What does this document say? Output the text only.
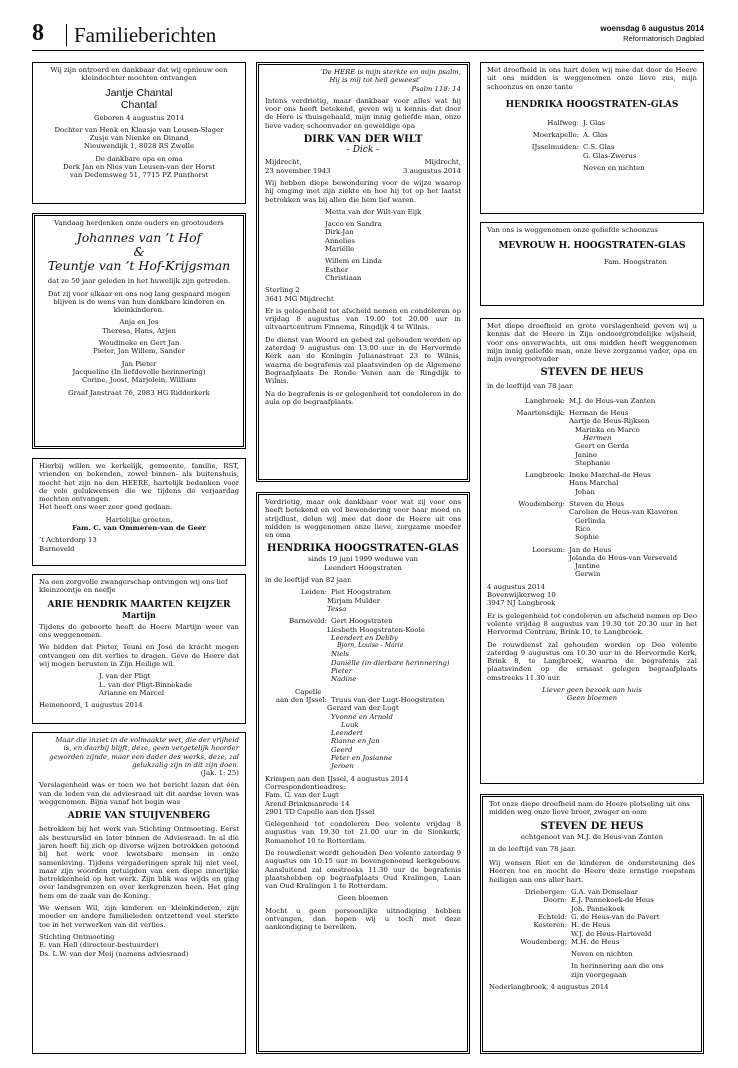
8	Familieberichten	woensdag 6 augustus 2014
Reformatorisch Dagblad

Wij zijn ontroerd en dankbaar dat wij opnieuw een kleindochter mochten ontvangen

Jantje Chantal
Chantal

Geboren 4 augustus 2014

Dochter van Henk en Klaasje van Leusen-Slager
Zusje van Nienke en Dinand

Nieuwendijk 1, 8028 RS Zwolle

De dankbare opa en oma
Derk Jan en Nies van Leusen-van der Horst
van Dedemsweg 51, 7715 PZ Punthorst

Vandaag herdenken onze ouders en grootouders

Johannes van ’t Hof
&
Teuntje van ’t Hof-Krijgsman

dat ze 50 jaar geleden in het huwelijk zijn getreden.

Dat zij voor elkaar en ons nog lang gespaard mogen blijven is de wens van hun dankbare kinderen en kleinkinderen.

Anja en Jos

Theresa, Hans, Arjen

Woudineke en Gert Jan

Pieter, Jan Willem, Sander

Jan Pieter
Jacqueline (In liefdevolle herinnering)

Corine, Joost, Marjolein, William

Graaf Janstraat 76, 2983 HG Ridderkerk
Hierbij willen we kerkelijk, gemeente, familie, RST, vrienden en bekenden, zowel binnen- als buitenshuis, mocht het zijn na den HEERE, hartelijk bedanken voor de vele gelukwensen die we tijdens de verjaardag mochten ontvangen.

Het heeft ons weer zeer goed gedaan.

Hartelijke groeten,

Fam. C. van Ommeren-van de Geer

’t Achterdorp 13
Barneveld
Na een zorgvolle zwangerschap ontvingen wij ons lief kleinzoontje en neefje
ARIE HENDRIK MAARTEN KEIJZER
Martijn

Tijdens de geboorte heeft de Heere Martijn weer van ons weggenomen.

We bidden dat Pieter, Teuni en José de kracht mogen ontvangen om dit verlies te dragen. Geve de Heere dat wij mogen berusten in Zijn Heilige wil.

J. van der Pligt
L. van der Pligt-Binnekade

Arianne en Marcel

Heinenoord, 1 augustus 2014
Maar die inziet in de volmaakte wet, die der vrijheid is, en daarbij blijft, deze, geen vergetelijk hoorder geworden zijnde, maar een dader des werks, deze, zal gelukzalig zijn in dit zijn doen.

(Jak. 1: 25)

Verslagenheid was er toen we het bericht lazen dat één van de leden van de adviesraad uit dit aardse leven was weggenomen. Bijna vanaf het begin was
ADRIE VAN STUIJVENBERG

betrokken bij het werk van Stichting Ontmoeting. Eerst als bestuurslid en later binnen de Adviesraad. In al die jaren heeft hij zich op diverse wijzen betrokken getoond bij het werk voor kwetsbare mensen in onze samenleving. Tijdens vergaderingen sprak hij niet veel, maar zijn woorden getuigden van een diepe innerlijke betrokkenheid op het werk. Zijn blik was wijds en ging over landsgrenzen en over kerkgrenzen heen. Het ging hem om de zaak van de Koning.

We wensen Wil, zijn kinderen en kleinkinderen, zijn moeder en andere familieleden ontzettend veel sterkte toe in het verwerken van dit verlies.

Stichting Ontmoeting
E. van Hell (directeur-bestuurder)
Ds. L.W. van der Meij (namens adviesraad)
‘De HERE is mijn sterkte en mijn psalm,
Hij is mij tot heil geweest’

Psalm 118: 14

Intens verdrietig, maar dankbaar voor alles wat hij voor ons heeft betekend, geven wij u kennis dat door de Here is thuisgehaald, mijn innig geliefde man, onze lieve vader, schoonvader en geweldige opa
DIRK VAN DER WILT
- Dick -
Mijdrecht,	Mijdrecht,
23 november 1943	3 augustus 2014

Wij hebben diepe bewondering voor de wijze waarop hij omging met zijn ziekte en hoe hij tot op het laatst betrokken was bij allen die hem lief waren.

Metta van der Wilt-van Eijk

Jacco en Sandra
Dirk-Jan
Annelies

Mariëlle

Willem en Linda
Esther

Christiaan

Sterling 2

3641 MG Mijdrecht

Er is gelegenheid tot afscheid nemen en condoleren op vrijdag 8 augustus van 19.00 tot 20.00 uur in uitvaartcentrum Finnema, Ringdijk 4 te Wilnis.

De dienst van Woord en gebed zal gehouden worden op zaterdag 9 augustus om 13.00 uur in de Hervormde Kerk aan de Koningin Julianastraat 23 te Wilnis, waarna de begrafenis zal plaatsvinden op de Algemene Begraafplaats De Ronde Venen aan de Ringdijk te Wilnis.

Na de begrafenis is er gelegenheid tot condoleren in de aula op de begraafplaats.
Verdrietig, maar ook dankbaar voor wat zij voor ons heeft betekend en vol bewondering voor haar moed en strijdlust, delen wij mee dat door de Heere uit ons midden is weggenomen onze lieve, zorgzame moeder en oma
HENDRIKA HOOGSTRATEN-GLAS
sinds 19 juni 1999 weduwe van

Leendert Hoogstraten

in de leeftijd van 82 jaar.

Leiden: Piet Hoogstraten
Mirjam Mulder

Tessa

Barneveld: Gert Hoogstraten
Liesbeth Hoogstraten-Koole
Leendert en Debby
Bjorn, Louise - Marie
Niels
Daniëlle (in dierbare herinnering)
Pieter

Nadine

Capelle
aan den IJssel: Truus van der Lugt-Hoogstraten
Gerard van der Lugt
Yvonne en Arnold
Luuk
Leendert
Rianne en Jan
Geerd
Peter en Josianne

Jeroen

Krimpen aan den IJssel, 4 augustus 2014
Correspondentieadres:
Fam. G. van der Lugt
Arend Brinkmanrede 14

2901 TD Capelle aan den IJssel

Gelegenheid tot condoleren Deo volente vrijdag 8 augustus van 19.30 tot 21.00 uur in de Sionkerk, Romanohof 10 te Rotterdam.

De rouwdienst wordt gehouden Deo volente zaterdag 9 augustus om 10.15 uur in bovengenoemd kerkgebouw. Aansluitend zal omstreeks 11.30 uur de begrafenis plaatshebben op begraafplaats Oud Kralingen, Laan van Oud Kralingen 1 te Rotterdam.

Geen bloemen

Mocht u geen persoonlijke uitnodiging hebben ontvangen, dan hopen wij u toch met deze aankondiging te bereiken.
Met droefheid in ons hart delen wij mee dat door de Heere uit ons midden is weggenomen onze lieve zus, mijn schoonzus en onze tante
HENDRIKA HOOGSTRATEN-GLAS

Halfweg: J. Glas

Moerkapelle: A. Glas

IJsselmuiden: C.S. Glas

G. Glas-Zwerus

Neven en nichten
Van ons is weggenomen onze geliefde schoonzus
MEVROUW H. HOOGSTRATEN-GLAS
Fam. Hoogstraten
Met diepe droefheid en grote verslagenheid geven wij u kennis dat de Heere in Zijn ondoorgrondelijke wijsheid, voor ons onverwachts, uit ons midden heeft weggenomen mijn innig geliefde man, onze lieve zorgzame vader, opa en mijn overgrootvader
STEVEN DE HEUS

in de leeftijd van 78 jaar.

Langbroek: M.J. de Heus-van Zanten
Maartensdijk: Herman de Heus
Aartje de Heus-Rijksen
Marinka en Marco
Hermen
Geert en Gerda
Janine

Stephanie

Langbroek: Ineke Marchal-de Heus
Hans Marchal

Johan

Woudenberg: Steven de Heus
Carolien de Heus-van Klaveren
Gerlinda
Rico

Sophie

Leersum: Jan de Heus
Jolanda de Heus-van Verseveld
Jantine

Gerwin

4 augustus 2014
Bovenwijkerweg 10

3947 NJ Langbroek

Er is gelegenheid tot condoleren en afscheid nemen op Deo volente vrijdag 8 augustus van 19.30 tot 20.30 uur in het Hervormd Centrum, Brink 10, te Langbroek.

De rouwdienst zal gehouden worden op Deo volente zaterdag 9 augustus om 10.30 uur in de Hervormde Kerk, Brink 8, te Langbroek, waarna de begrafenis zal plaatsvinden op de ernaast gelegen begraafplaats omstreeks 11.30 uur.

Liever geen bezoek aan huis
Geen bloemen
Tot onze diepe droefheid nam de Heere plotseling uit ons midden weg onze lieve broer, zwager en oom
STEVEN DE HEUS

echtgenoot van M.J. de Heus-van Zanten

in de leeftijd van 78 jaar.

Wij wensen Riet en de kinderen de ondersteuning des Heeren toe en mocht de Heere deze ernstige roepstem heiligen aan ons aller hart.

Driebergen: G.A. van Donselaar
Doorn: E.J. Pannekoek-de Heus
Joh. Pannekoek
Echteld: G. de Heus-van de Pavert
Kesteren: H. de Heus
W.J. de Heus-Harteveld

Woudenberg: M.H. de Heus

Neven en nichten

In herinnering aan die ons

zijn voorgegaan

Nederlangbroek, 4 augustus 2014
